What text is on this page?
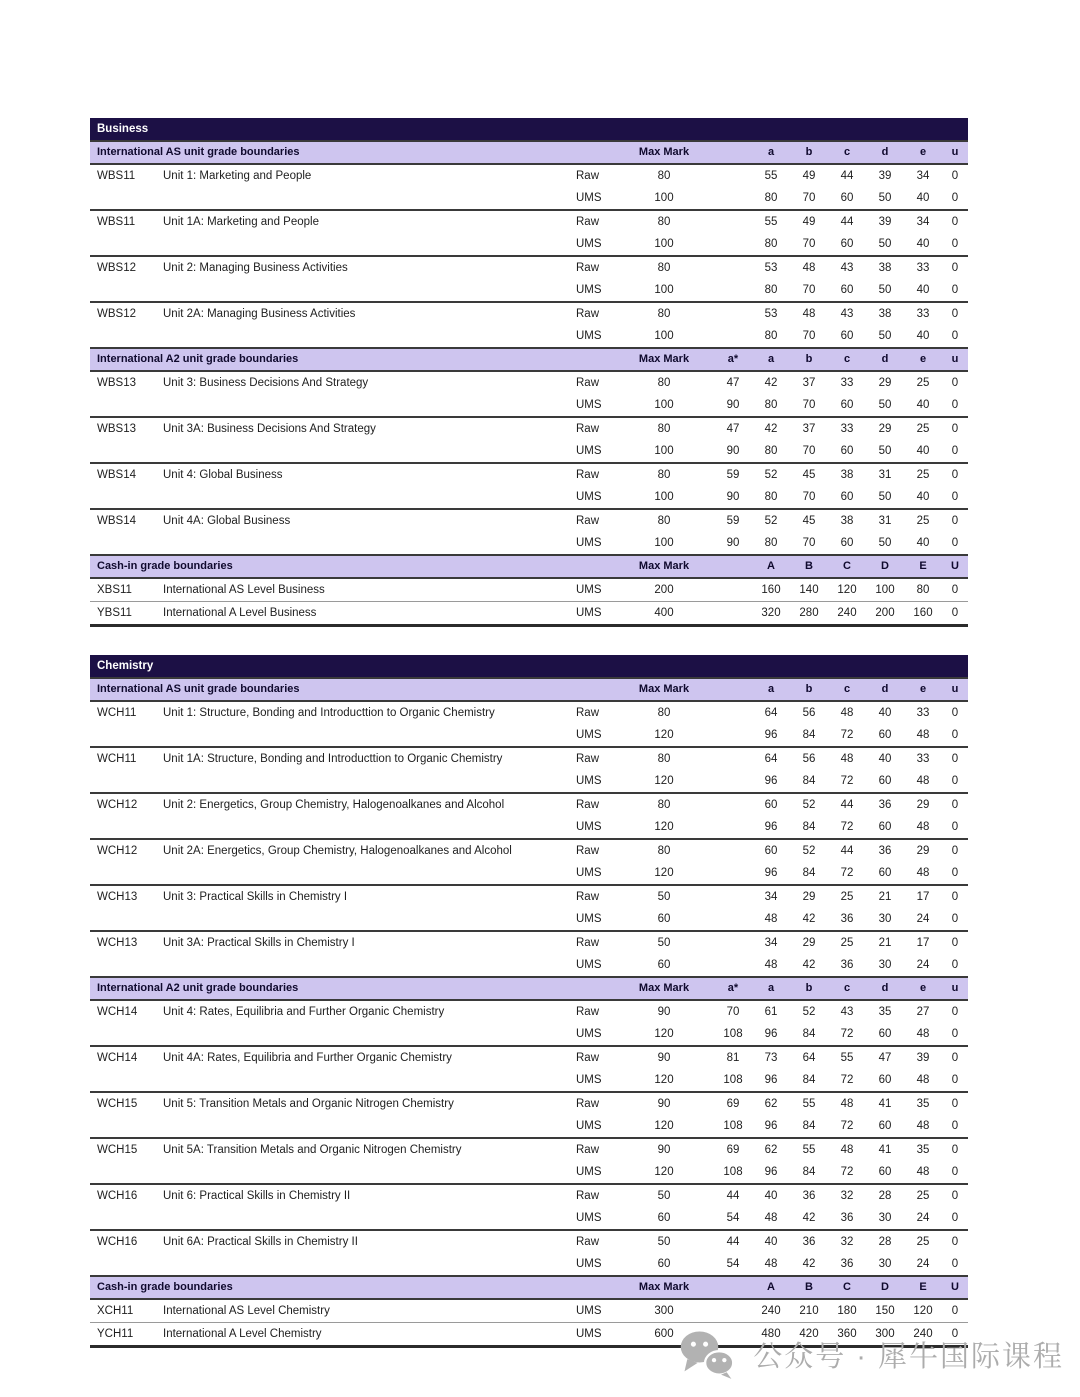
Business
International AS unit grade boundaries	Max Mark	a	b	c	d	e	u
WBS11	Unit 1: Marketing and People	Raw	80	55	49	44	39	34	0
UMS	100	80	70	60	50	40	0
WBS11	Unit 1A: Marketing and People	Raw	80	55	49	44	39	34	0
UMS	100	80	70	60	50	40	0
WBS12	Unit 2: Managing Business Activities	Raw	80	53	48	43	38	33	0
UMS	100	80	70	60	50	40	0
WBS12	Unit 2A: Managing Business Activities	Raw	80	53	48	43	38	33	0
UMS	100	80	70	60	50	40	0
International A2 unit grade boundaries	Max Mark	a*	a	b	c	d	e	u
WBS13	Unit 3: Business Decisions And Strategy	Raw	80	47	42	37	33	29	25	0
UMS	100	90	80	70	60	50	40	0
WBS13	Unit 3A: Business Decisions And Strategy	Raw	80	47	42	37	33	29	25	0
UMS	100	90	80	70	60	50	40	0
WBS14	Unit 4: Global Business	Raw	80	59	52	45	38	31	25	0
UMS	100	90	80	70	60	50	40	0
WBS14	Unit 4A: Global Business	Raw	80	59	52	45	38	31	25	0
UMS	100	90	80	70	60	50	40	0
Cash-in grade boundaries	Max Mark	A	B	C	D	E	U
XBS11	International AS Level Business	UMS	200	160	140	120	100	80	0
YBS11	International A Level Business	UMS	400	320	280	240	200	160	0
Chemistry
International AS unit grade boundaries	Max Mark	a	b	c	d	e	u
WCH11	Unit 1: Structure, Bonding and Introducttion to Organic Chemistry	Raw	80	64	56	48	40	33	0
UMS	120	96	84	72	60	48	0
WCH11	Unit 1A: Structure, Bonding and Introducttion to Organic Chemistry	Raw	80	64	56	48	40	33	0
UMS	120	96	84	72	60	48	0
WCH12	Unit 2: Energetics, Group Chemistry, Halogenoalkanes and Alcohol	Raw	80	60	52	44	36	29	0
UMS	120	96	84	72	60	48	0
WCH12	Unit 2A: Energetics, Group Chemistry, Halogenoalkanes and Alcohol	Raw	80	60	52	44	36	29	0
UMS	120	96	84	72	60	48	0
WCH13	Unit 3: Practical Skills in Chemistry I	Raw	50	34	29	25	21	17	0
UMS	60	48	42	36	30	24	0
WCH13	Unit 3A: Practical Skills in Chemistry I	Raw	50	34	29	25	21	17	0
UMS	60	48	42	36	30	24	0
International A2 unit grade boundaries	Max Mark	a*	a	b	c	d	e	u
WCH14	Unit 4: Rates, Equilibria and Further Organic Chemistry	Raw	90	70	61	52	43	35	27	0
UMS	120	108	96	84	72	60	48	0
WCH14	Unit 4A: Rates, Equilibria and Further Organic Chemistry	Raw	90	81	73	64	55	47	39	0
UMS	120	108	96	84	72	60	48	0
WCH15	Unit 5: Transition Metals and Organic Nitrogen Chemistry	Raw	90	69	62	55	48	41	35	0
UMS	120	108	96	84	72	60	48	0
WCH15	Unit 5A: Transition Metals and Organic Nitrogen Chemistry	Raw	90	69	62	55	48	41	35	0
UMS	120	108	96	84	72	60	48	0
WCH16	Unit 6: Practical Skills in Chemistry II	Raw	50	44	40	36	32	28	25	0
UMS	60	54	48	42	36	30	24	0
WCH16	Unit 6A: Practical Skills in Chemistry II	Raw	50	44	40	36	32	28	25	0
UMS	60	54	48	42	36	30	24	0
Cash-in grade boundaries	Max Mark	A	B	C	D	E	U
XCH11	International AS Level Chemistry	UMS	300	240	210	180	150	120	0
YCH11	International A Level Chemistry	UMS	600	480	420	360	300	240	0
公众号 · 犀牛国际课程
